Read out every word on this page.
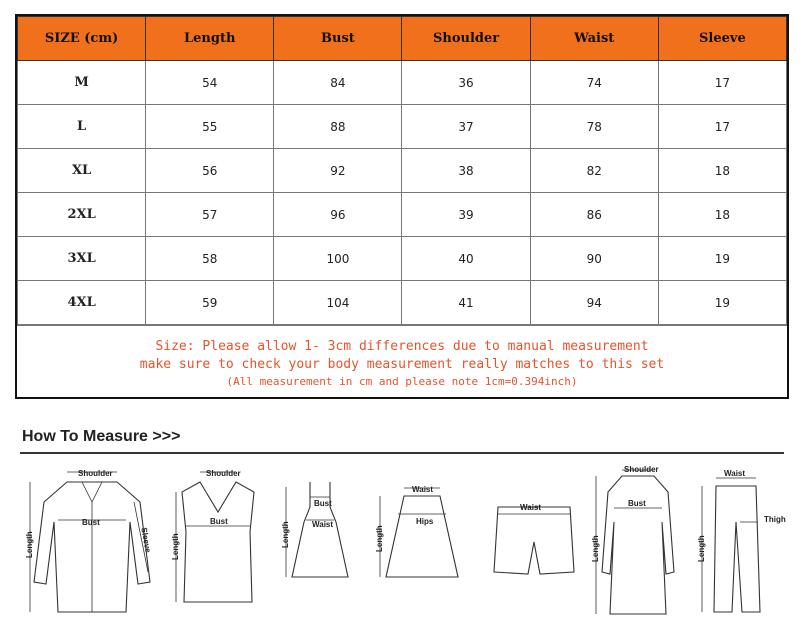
SIZE (cm)	Length	Bust	Shoulder	Waist	Sleeve
M	54	84	36	74	17
L	55	88	37	78	17
XL	56	92	38	82	18
2XL	57	96	39	86	18
3XL	58	100	40	90	19
4XL	59	104	41	94	19
Size: Please allow 1- 3cm differences due to manual measurement
make sure to check your body measurement really matches to this set
(All measurement in cm and please note 1cm=0.394inch)
How To Measure >>>
Shoulder
Bust
Length	Sleeve
Shoulder
Bust
Length
Bust
Waist
Length
Waist
Hips
Length
Waist
Shoulder
Bust
Length
Waist
Thigh
Length
